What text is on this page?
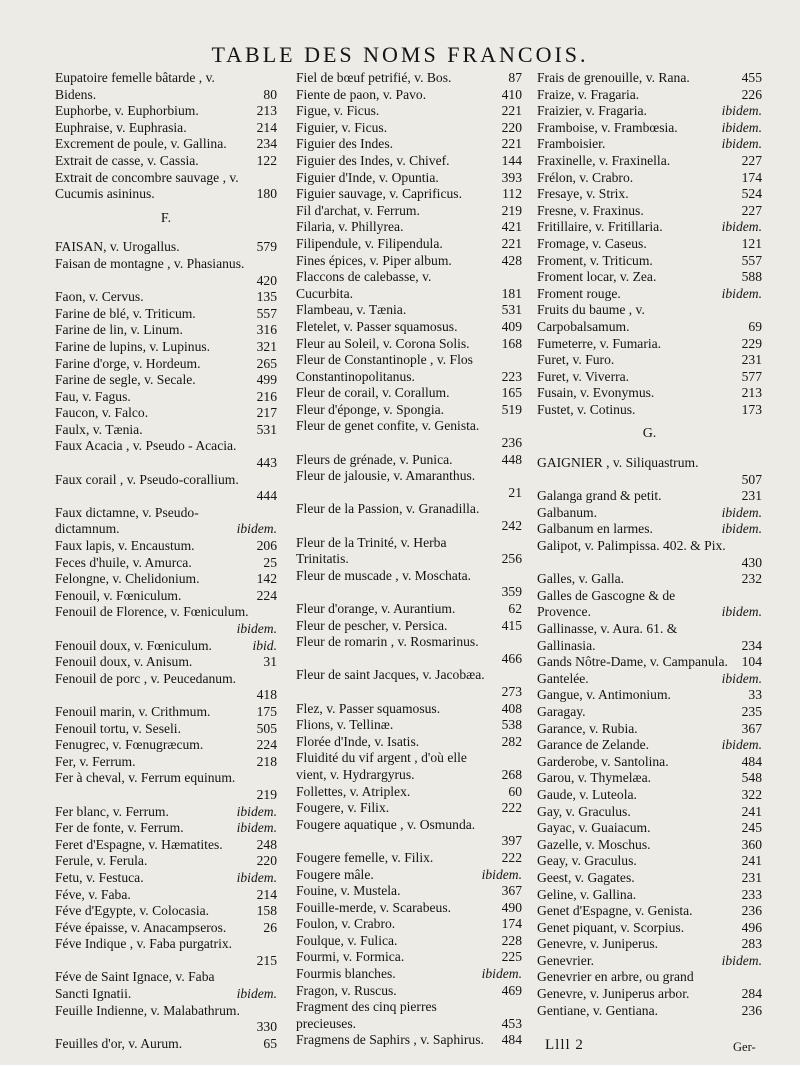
TABLE DES NOMS FRANCOIS.
Eupatoire femelle bâtarde , v. Bidens.	80
Euphorbe, v. Euphorbium.	213
Euphraise, v. Euphrasia.	214
Excrement de poule, v. Gallina.	234
Extrait de casse, v. Cassia.	122
Extrait de concombre sauvage , v. Cucumis asininus.	180
F.
FAISAN, v. Urogallus.	579
Faisan de montagne , v. Phasianus.
420
Faon, v. Cervus.	135
Farine de blé, v. Triticum.	557
Farine de lin, v. Linum.	316
Farine de lupins, v. Lupinus.	321
Farine d'orge, v. Hordeum.	265
Farine de segle, v. Secale.	499
Fau, v. Fagus.	216
Faucon, v. Falco.	217
Faulx, v. Tænia.	531
Faux Acacia , v. Pseudo - Acacia.
443
Faux corail , v. Pseudo-corallium.
444
Faux dictamne, v. Pseudo-dictamnum.	ibidem.
Faux lapis, v. Encaustum.	206
Feces d'huile, v. Amurca.	25
Felongne, v. Chelidonium.	142
Fenouil, v. Fœniculum.	224
Fenouil de Florence, v. Fœniculum.
ibidem.
Fenouil doux, v. Fœniculum.	ibid.
Fenouil doux, v. Anisum.	31
Fenouil de porc , v. Peucedanum.
418
Fenouil marin, v. Crithmum.	175
Fenouil tortu, v. Seseli.	505
Fenugrec, v. Fœnugræcum.	224
Fer, v. Ferrum.	218
Fer à cheval, v. Ferrum equinum.
219
Fer blanc, v. Ferrum.	ibidem.
Fer de fonte, v. Ferrum.	ibidem.
Feret d'Espagne, v. Hæmatites.	248
Ferule, v. Ferula.	220
Fetu, v. Festuca.	ibidem.
Féve, v. Faba.	214
Féve d'Egypte, v. Colocasia.	158
Féve épaisse, v. Anacampseros.	26
Féve Indique , v. Faba purgatrix.
215
Féve de Saint Ignace, v. Faba Sancti Ignatii.	ibidem.
Feuille Indienne, v. Malabathrum.
330
Feuilles d'or, v. Aurum.	65
Fiel de bœuf petrifié, v. Bos.	87
Fiente de paon, v. Pavo.	410
Figue, v. Ficus.	221
Figuier, v. Ficus.	220
Figuier des Indes.	221
Figuier des Indes, v. Chivef.	144
Figuier d'Inde, v. Opuntia.	393
Figuier sauvage, v. Caprificus.	112
Fil d'archat, v. Ferrum.	219
Filaria, v. Phillyrea.	421
Filipendule, v. Filipendula.	221
Fines épices, v. Piper album.	428
Flaccons de calebasse, v. Cucurbita.	181
Flambeau, v. Tænia.	531
Fletelet, v. Passer squamosus.	409
Fleur au Soleil, v. Corona Solis.	168
Fleur de Constantinople , v. Flos Constantinopolitanus.	223
Fleur de corail, v. Corallum.	165
Fleur d'éponge, v. Spongia.	519
Fleur de genet confite, v. Genista.
236
Fleurs de grénade, v. Punica.	448
Fleur de jalousie, v. Amaranthus.
21
Fleur de la Passion, v. Granadilla.
242
Fleur de la Trinité, v. Herba Trinitatis.	256
Fleur de muscade , v. Moschata.
359
Fleur d'orange, v. Aurantium.	62
Fleur de pescher, v. Persica.	415
Fleur de romarin , v. Rosmarinus.
466
Fleur de saint Jacques, v. Jacobæa.
273
Flez, v. Passer squamosus.	408
Flions, v. Tellinæ.	538
Florée d'Inde, v. Isatis.	282
Fluidité du vif argent , d'où elle vient, v. Hydrargyrus.	268
Follettes, v. Atriplex.	60
Fougere, v. Filix.	222
Fougere aquatique , v. Osmunda.
397
Fougere femelle, v. Filix.	222
Fougere mâle.	ibidem.
Fouine, v. Mustela.	367
Fouille-merde, v. Scarabeus.	490
Foulon, v. Crabro.	174
Foulque, v. Fulica.	228
Fourmi, v. Formica.	225
Fourmis blanches.	ibidem.
Fragon, v. Ruscus.	469
Fragment des cinq pierres precieuses.	453
Fragmens de Saphirs , v. Saphirus.	484
Frais de grenouille, v. Rana.	455
Fraize, v. Fragaria.	226
Fraizier, v. Fragaria.	ibidem.
Framboise, v. Frambœsia.	ibidem.
Framboisier.	ibidem.
Fraxinelle, v. Fraxinella.	227
Frélon, v. Crabro.	174
Fresaye, v. Strix.	524
Fresne, v. Fraxinus.	227
Fritillaire, v. Fritillaria.	ibidem.
Fromage, v. Caseus.	121
Froment, v. Triticum.	557
Froment locar, v. Zea.	588
Froment rouge.	ibidem.
Fruits du baume , v. Carpobalsamum.	69
Fumeterre, v. Fumaria.	229
Furet, v. Furo.	231
Furet, v. Viverra.	577
Fusain, v. Evonymus.	213
Fustet, v. Cotinus.	173
G.
GAIGNIER , v. Siliquastrum.
507
Galanga grand & petit.	231
Galbanum.	ibidem.
Galbanum en larmes.	ibidem.
Galipot, v. Palimpissa. 402. & Pix.
430
Galles, v. Galla.	232
Galles de Gascogne & de Provence.	ibidem.
Gallinasse, v. Aura. 61. & Gallinasia.	234
Gands Nôtre-Dame, v. Campanula.	104
Gantelée.	ibidem.
Gangue, v. Antimonium.	33
Garagay.	235
Garance, v. Rubia.	367
Garance de Zelande.	ibidem.
Garderobe, v. Santolina.	484
Garou, v. Thymelæa.	548
Gaude, v. Luteola.	322
Gay, v. Graculus.	241
Gayac, v. Guaiacum.	245
Gazelle, v. Moschus.	360
Geay, v. Graculus.	241
Geest, v. Gagates.	231
Geline, v. Gallina.	233
Genet d'Espagne, v. Genista.	236
Genet piquant, v. Scorpius.	496
Genevre, v. Juniperus.	283
Genevrier.	ibidem.
Genevrier en arbre, ou grand Genevre, v. Juniperus arbor.	284
Gentiane, v. Gentiana.	236
Llll 2	Ger-
